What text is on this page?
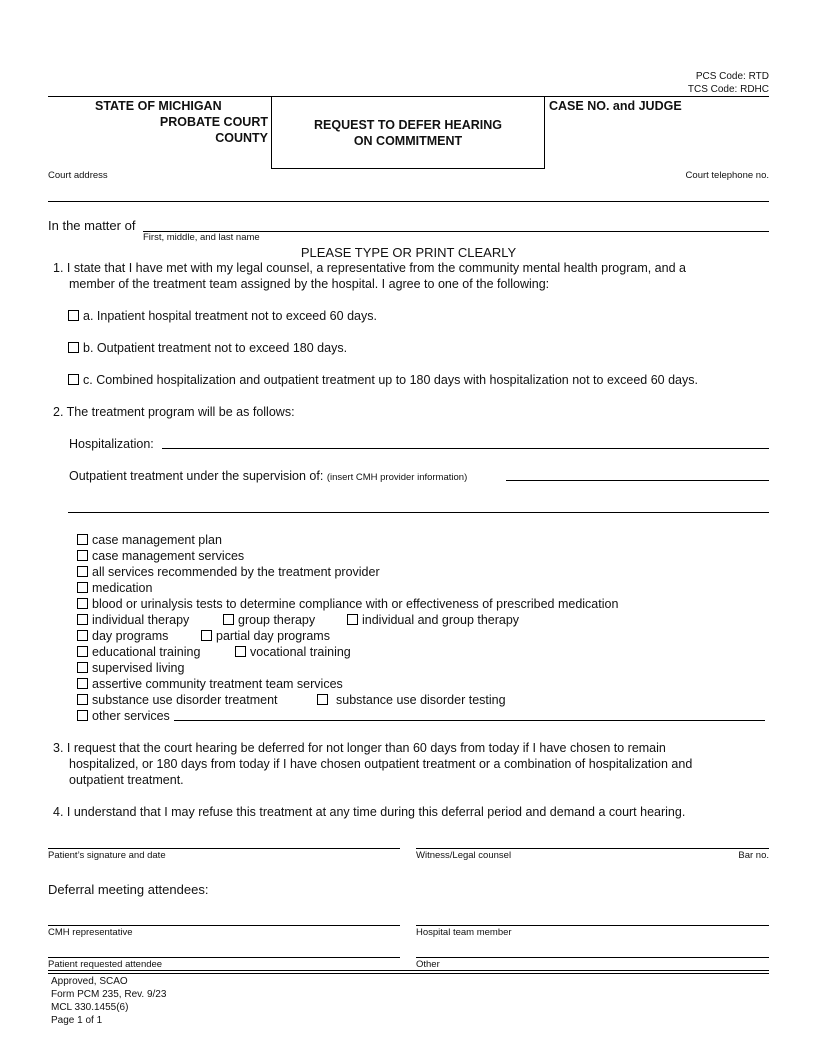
PCS Code: RTD
TCS Code: RDHC
STATE OF MICHIGAN
PROBATE COURT
COUNTY
REQUEST TO DEFER HEARING
ON COMMITMENT
CASE NO. and JUDGE
Court address	Court telephone no.
In the matter of
First, middle, and last name
PLEASE TYPE OR PRINT CLEARLY
1. I state that I have met with my legal counsel, a representative from the community mental health program, and a
member of the treatment team assigned by the hospital. I agree to one of the following:
a. Inpatient hospital treatment not to exceed 60 days.
b. Outpatient treatment not to exceed 180 days.
c. Combined hospitalization and outpatient treatment up to 180 days with hospitalization not to exceed 60 days.
2. The treatment program will be as follows:
Hospitalization:
Outpatient treatment under the supervision of: (insert CMH provider information)
case management plan
case management services
all services recommended by the treatment provider
medication
blood or urinalysis tests to determine compliance with or effectiveness of prescribed medication
individual therapy	group therapy	individual and group therapy
day programs	partial day programs
educational training	vocational training
supervised living
assertive community treatment team services
substance use disorder treatment	substance use disorder testing
other services
3. I request that the court hearing be deferred for not longer than 60 days from today if I have chosen to remain
hospitalized, or 180 days from today if I have chosen outpatient treatment or a combination of hospitalization and
outpatient treatment.
4. I understand that I may refuse this treatment at any time during this deferral period and demand a court hearing.
Patient’s signature and date	Witness/Legal counsel	Bar no.
Deferral meeting attendees:
CMH representative	Hospital team member
Patient requested attendee	Other
Approved, SCAO
Form PCM 235, Rev. 9/23
MCL 330.1455(6)
Page 1 of 1
